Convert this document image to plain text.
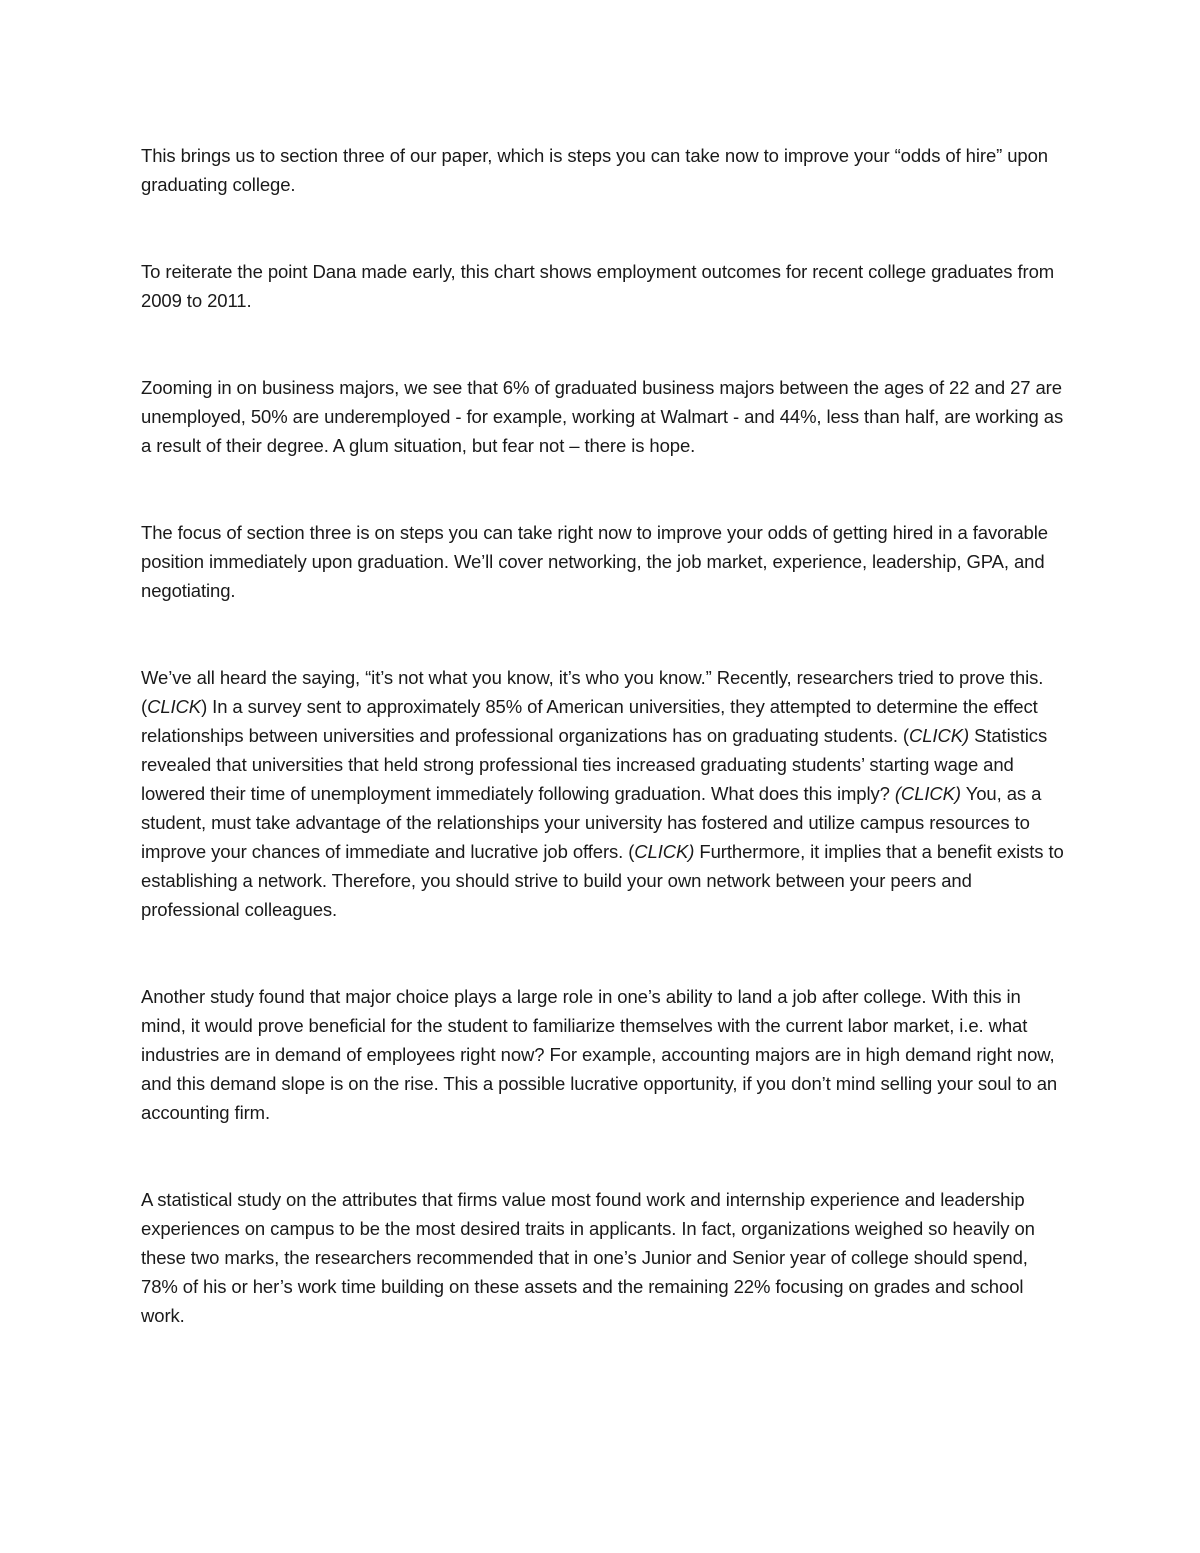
This brings us to section three of our paper, which is steps you can take now to improve your “odds of hire” upon graduating college.

To reiterate the point Dana made early, this chart shows employment outcomes for recent college graduates from 2009 to 2011.

Zooming in on business majors, we see that 6% of graduated business majors between the ages of 22 and 27 are unemployed, 50% are underemployed - for example, working at Walmart - and 44%, less than half, are working as a result of their degree. A glum situation, but fear not – there is hope.

The focus of section three is on steps you can take right now to improve your odds of getting hired in a favorable position immediately upon graduation. We’ll cover networking, the job market, experience, leadership, GPA, and negotiating.

We’ve all heard the saying, “it’s not what you know, it’s who you know.” Recently, researchers tried to prove this. (CLICK) In a survey sent to approximately 85% of American universities, they attempted to determine the effect relationships between universities and professional organizations has on graduating students. (CLICK) Statistics revealed that universities that held strong professional ties increased graduating students’ starting wage and lowered their time of unemployment immediately following graduation. What does this imply? (CLICK) You, as a student, must take advantage of the relationships your university has fostered and utilize campus resources to improve your chances of immediate and lucrative job offers. (CLICK) Furthermore, it implies that a benefit exists to establishing a network. Therefore, you should strive to build your own network between your peers and professional colleagues.

Another study found that major choice plays a large role in one’s ability to land a job after college. With this in mind, it would prove beneficial for the student to familiarize themselves with the current labor market, i.e. what industries are in demand of employees right now? For example, accounting majors are in high demand right now, and this demand slope is on the rise. This a possible lucrative opportunity, if you don’t mind selling your soul to an accounting firm.

A statistical study on the attributes that firms value most found work and internship experience and leadership experiences on campus to be the most desired traits in applicants. In fact, organizations weighed so heavily on these two marks, the researchers recommended that in one’s Junior and Senior year of college should spend, 78% of his or her’s work time building on these assets and the remaining 22% focusing on grades and school work.
